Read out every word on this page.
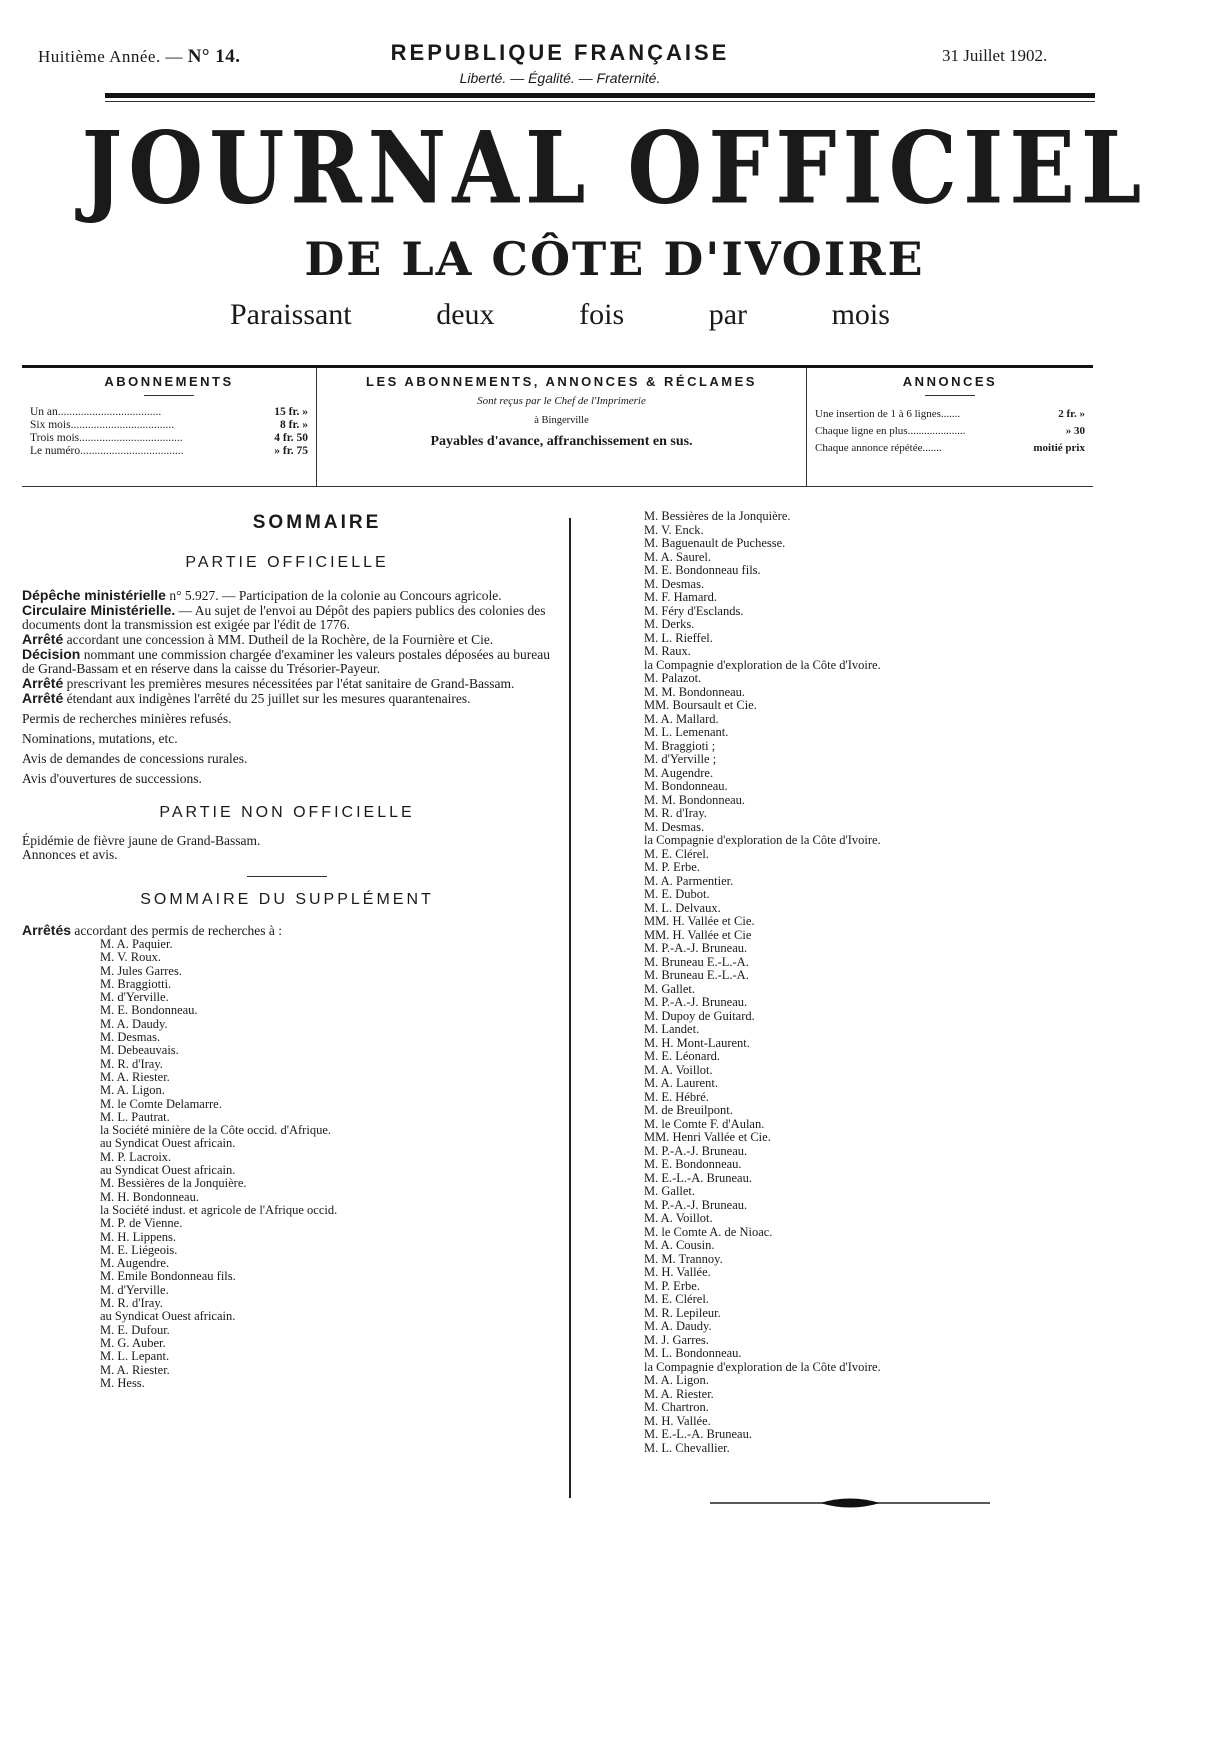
Huitième Année. — N° 14.	REPUBLIQUE FRANÇAISE
Liberté. — Égalité. — Fraternité.
31 Juillet 1902.
JOURNAL OFFICIEL
DE LA CÔTE D'IVOIRE
Paraissant	deux	fois	par	mois
ABONNEMENTS
Un an....................................	15 fr. »
Six mois....................................	8 fr. »
Trois mois....................................	4 fr. 50
Le numéro....................................	» fr. 75
LES ABONNEMENTS, ANNONCES & RÉCLAMES
Sont reçus par le Chef de l'Imprimerie
à Bingerville
Payables d'avance, affranchissement en sus.
ANNONCES
Une insertion de 1 à 6 lignes.......	2 fr. »
Chaque ligne en plus.....................	» 30
Chaque annonce répétée.......	moitié prix
SOMMAIRE
PARTIE OFFICIELLE
Dépêche ministérielle n° 5.927. — Participation de la colonie au Concours agricole.
Circulaire Ministérielle. — Au sujet de l'envoi au Dépôt des papiers publics des colonies des documents dont la transmission est exigée par l'édit de 1776.
Arrêté accordant une concession à MM. Dutheil de la Rochère, de la Fournière et Cie.
Décision nommant une commission chargée d'examiner les valeurs postales déposées au bureau de Grand-Bassam et en réserve dans la caisse du Trésorier-Payeur.
Arrêté prescrivant les premières mesures nécessitées par l'état sanitaire de Grand-Bassam.
Arrêté étendant aux indigènes l'arrêté du 25 juillet sur les mesures quarantenaires.
Permis de recherches minières refusés.
Nominations, mutations, etc.
Avis de demandes de concessions rurales.
Avis d'ouvertures de successions.
PARTIE NON OFFICIELLE
Épidémie de fièvre jaune de Grand-Bassam.
Annonces et avis.
SOMMAIRE DU SUPPLÉMENT
Arrêtés accordant des permis de recherches à :
M. A. Paquier.
M. V. Roux.
M. Jules Garres.
M. Braggiotti.
M. d'Yerville.
M. E. Bondonneau.
M. A. Daudy.
M. Desmas.
M. Debeauvais.
M. R. d'Iray.
M. A. Riester.
M. A. Ligon.
M. le Comte Delamarre.
M. L. Pautrat.
la Société minière de la Côte occid. d'Afrique.
au Syndicat Ouest africain.
M. P. Lacroix.
au Syndicat Ouest africain.
M. Bessières de la Jonquière.
M. H. Bondonneau.
la Société indust. et agricole de l'Afrique occid.
M. P. de Vienne.
M. H. Lippens.
M. E. Liégeois.
M. Augendre.
M. Emile Bondonneau fils.
M. d'Yerville.
M. R. d'Iray.
au Syndicat Ouest africain.
M. E. Dufour.
M. G. Auber.
M. L. Lepant.
M. A. Riester.
M. Hess.
M. Bessières de la Jonquière.
M. V. Enck.
M. Baguenault de Puchesse.
M. A. Saurel.
M. E. Bondonneau fils.
M. Desmas.
M. F. Hamard.
M. Féry d'Esclands.
M. Derks.
M. L. Rieffel.
M. Raux.
la Compagnie d'exploration de la Côte d'Ivoire.
M. Palazot.
M. M. Bondonneau.
MM. Boursault et Cie.
M. A. Mallard.
M. L. Lemenant.
M. Braggioti ;
M. d'Yerville ;
M. Augendre.
M. Bondonneau.
M. M. Bondonneau.
M. R. d'Iray.
M. Desmas.
la Compagnie d'exploration de la Côte d'Ivoire.
M. E. Clérel.
M. P. Erbe.
M. A. Parmentier.
M. E. Dubot.
M. L. Delvaux.
MM. H. Vallée et Cie.
MM. H. Vallée et Cie
M. P.-A.-J. Bruneau.
M. Bruneau E.-L.-A.
M. Bruneau E.-L.-A.
M. Gallet.
M. P.-A.-J. Bruneau.
M. Dupoy de Guitard.
M. Landet.
M. H. Mont-Laurent.
M. E. Léonard.
M. A. Voillot.
M. A. Laurent.
M. E. Hébré.
M. de Breuilpont.
M. le Comte F. d'Aulan.
MM. Henri Vallée et Cie.
M. P.-A.-J. Bruneau.
M. E. Bondonneau.
M. E.-L.-A. Bruneau.
M. Gallet.
M. P.-A.-J. Bruneau.
M. A. Voillot.
M. le Comte A. de Nioac.
M. A. Cousin.
M. M. Trannoy.
M. H. Vallée.
M. P. Erbe.
M. E. Clérel.
M. R. Lepileur.
M. A. Daudy.
M. J. Garres.
M. L. Bondonneau.
la Compagnie d'exploration de la Côte d'Ivoire.
M. A. Ligon.
M. A. Riester.
M. Chartron.
M. H. Vallée.
M. E.-L.-A. Bruneau.
M. L. Chevallier.
